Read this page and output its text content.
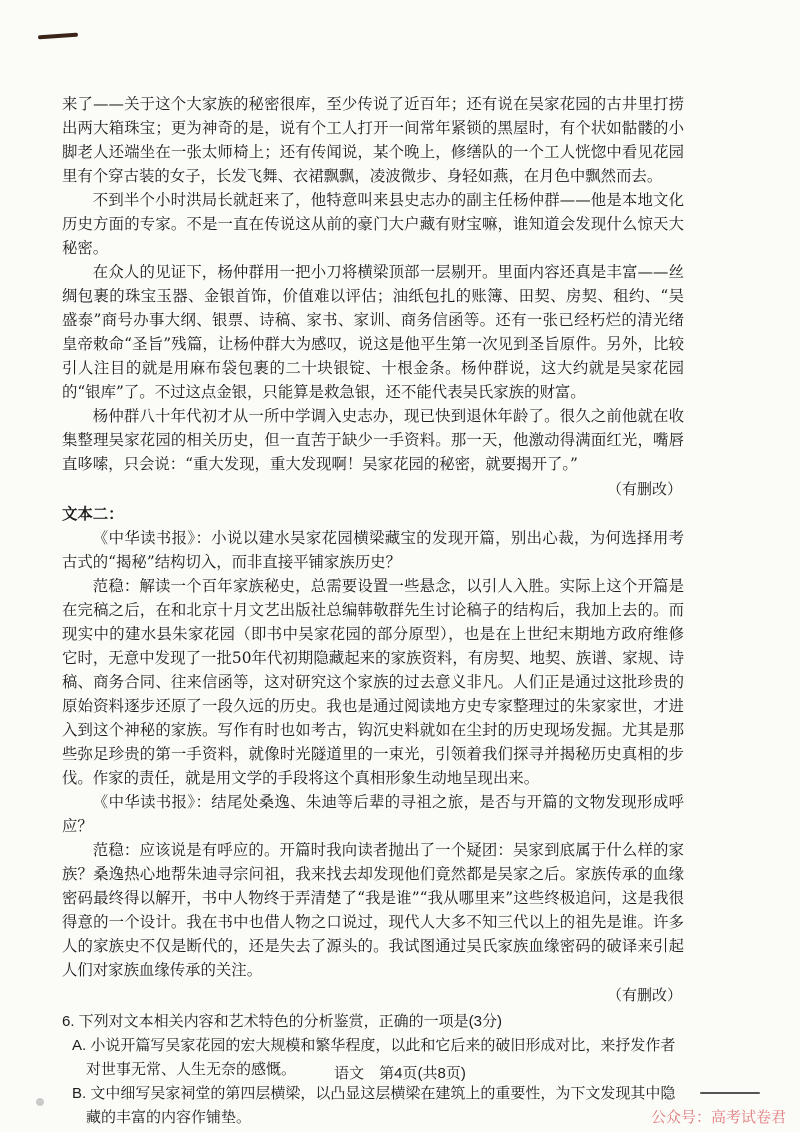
来了——关于这个大家族的秘密很库，至少传说了近百年；还有说在吴家花园的古井里打捞出两大箱珠宝；更为神奇的是，说有个工人打开一间常年紧锁的黑屋时，有个状如骷髅的小脚老人还端坐在一张太师椅上；还有传闻说，某个晚上，修缮队的一个工人恍惚中看见花园里有个穿古装的女子，长发飞舞、衣裙飘飘，凌波微步、身轻如燕，在月色中飘然而去。

不到半个小时洪局长就赶来了，他特意叫来县史志办的副主任杨仲群——他是本地文化历史方面的专家。不是一直在传说这从前的豪门大户藏有财宝嘛，谁知道会发现什么惊天大秘密。

在众人的见证下，杨仲群用一把小刀将横梁顶部一层剔开。里面内容还真是丰富——丝绸包裹的珠宝玉器、金银首饰，价值难以评估；油纸包扎的账簿、田契、房契、租约、“吴盛泰”商号办事大纲、银票、诗稿、家书、家训、商务信函等。还有一张已经朽烂的清光绪皇帝敕命“圣旨”残篇，让杨仲群大为感叹，说这是他平生第一次见到圣旨原件。另外，比较引人注目的就是用麻布袋包裹的二十块银锭、十根金条。杨仲群说，这大约就是吴家花园的“银库”了。不过这点金银，只能算是救急银，还不能代表吴氏家族的财富。

杨仲群八十年代初才从一所中学调入史志办，现已快到退休年龄了。很久之前他就在收集整理吴家花园的相关历史，但一直苦于缺少一手资料。那一天，他激动得满面红光，嘴唇直哆嗦，只会说：“重大发现，重大发现啊！吴家花园的秘密，就要揭开了。”

（有删改）

文本二：

《中华读书报》：小说以建水吴家花园横梁藏宝的发现开篇，别出心裁，为何选择用考古式的“揭秘”结构切入，而非直接平铺家族历史？

范稳：解读一个百年家族秘史，总需要设置一些悬念，以引人入胜。实际上这个开篇是在完稿之后，在和北京十月文艺出版社总编韩敬群先生讨论稿子的结构后，我加上去的。而现实中的建水县朱家花园（即书中吴家花园的部分原型），也是在上世纪末期地方政府维修它时，无意中发现了一批50年代初期隐藏起来的家族资料，有房契、地契、族谱、家规、诗稿、商务合同、往来信函等，这对研究这个家族的过去意义非凡。人们正是通过这批珍贵的原始资料逐步还原了一段久远的历史。我也是通过阅读地方史专家整理过的朱家家世，才进入到这个神秘的家族。写作有时也如考古，钩沉史料就如在尘封的历史现场发掘。尤其是那些弥足珍贵的第一手资料，就像时光隧道里的一束光，引领着我们探寻并揭秘历史真相的步伐。作家的责任，就是用文学的手段将这个真相形象生动地呈现出来。

《中华读书报》：结尾处桑逸、朱迪等后辈的寻祖之旅，是否与开篇的文物发现形成呼应？

范稳：应该说是有呼应的。开篇时我向读者抛出了一个疑团：吴家到底属于什么样的家族？桑逸热心地帮朱迪寻宗问祖，我来找去却发现他们竟然都是吴家之后。家族传承的血缘密码最终得以解开，书中人物终于弄清楚了“我是谁”“我从哪里来”这些终极追问，这是我很得意的一个设计。我在书中也借人物之口说过，现代人大多不知三代以上的祖先是谁。许多人的家族史不仅是断代的，还是失去了源头的。我试图通过吴氏家族血缘密码的破译来引起人们对家族血缘传承的关注。

（有删改）

6. 下列对文本相关内容和艺术特色的分析鉴赏，正确的一项是(3分)

A. 小说开篇写吴家花园的宏大规模和繁华程度，以此和它后来的破旧形成对比，来抒发作者对世事无常、人生无奈的感慨。

B. 文中细写吴家祠堂的第四层横梁，以凸显这层横梁在建筑上的重要性，为下文发现其中隐藏的丰富的内容作铺垫。

语文　第4页(共8页)
公众号：高考试卷君
